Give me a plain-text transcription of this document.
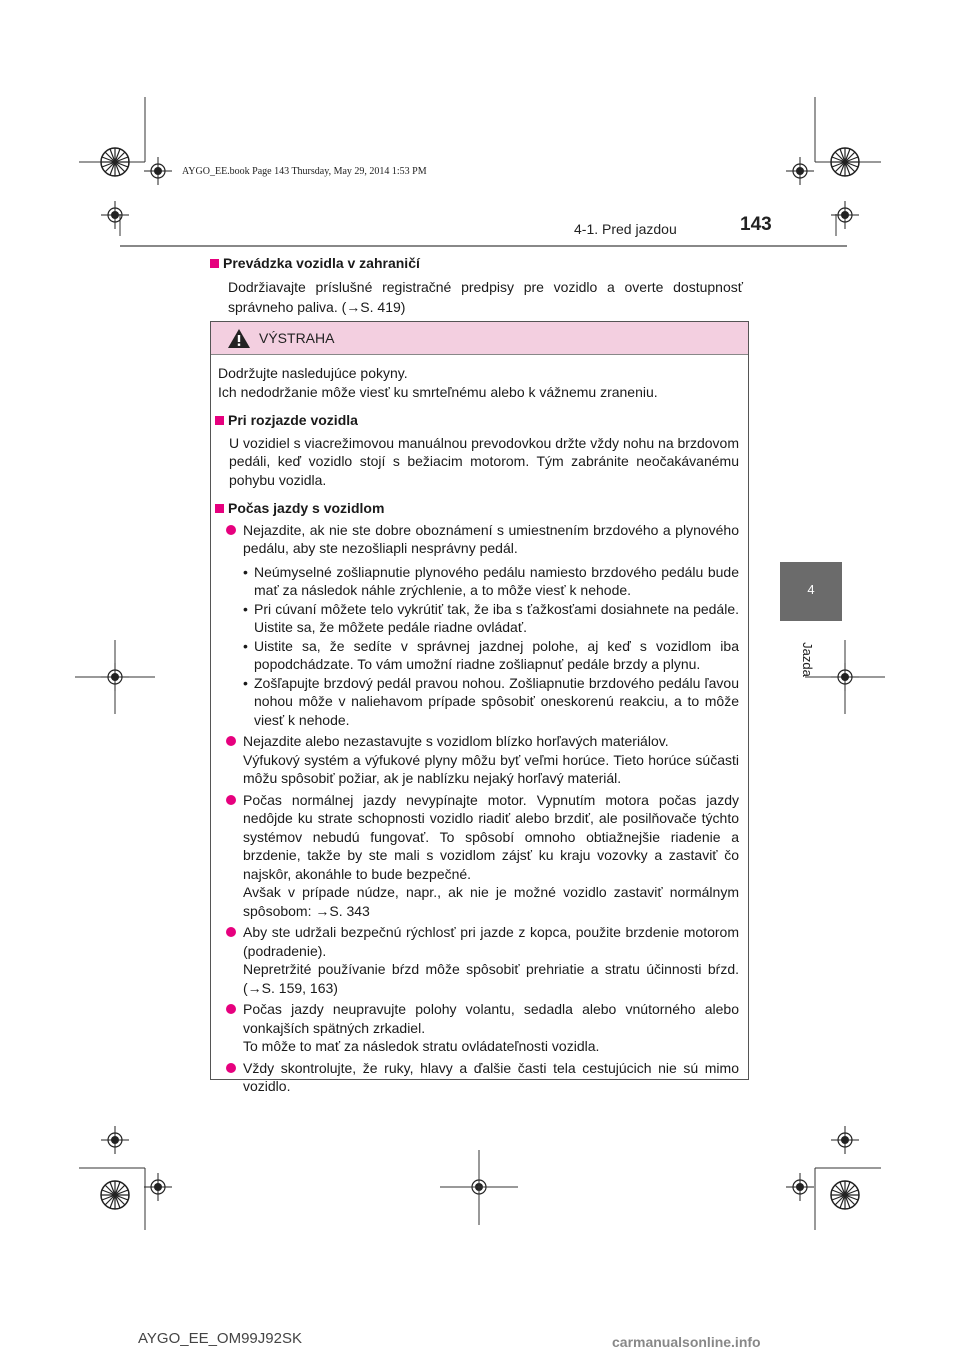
AYGO_EE.book Page 143 Thursday, May 29, 2014 1:53 PM
4-1. Pred jazdou	143
4
Jazda
Prevádzka vozidla v zahraničí
Dodržiavajte príslušné registračné predpisy pre vozidlo a overte dostupnosť správneho paliva. (→S. 419)
VÝSTRAHA

Dodržujte nasledujúce pokyny.

Ich nedodržanie môže viesť ku smrteľnému alebo k vážnemu zraneniu.

Pri rozjazde vozidla

U vozidiel s viacrežimovou manuálnou prevodovkou držte vždy nohu na brzdovom pedáli, keď vozidlo stojí s bežiacim motorom. Tým zabránite neočakávanému pohybu vozidla.

Počas jazdy s vozidlom

Nejazdite, ak nie ste dobre oboznámení s umiestnením brzdového a plynového pedálu, aby ste nezošliapli nesprávny pedál.

• Neúmyselné zošliapnutie plynového pedálu namiesto brzdového pedálu bude mať za následok náhle zrýchlenie, a to môže viesť k nehode.

• Pri cúvaní môžete telo vykrútiť tak, že iba s ťažkosťami dosiahnete na pedále. Uistite sa, že môžete pedále riadne ovládať.

• Uistite sa, že sedíte v správnej jazdnej polohe, aj keď s vozidlom iba popodchádzate. To vám umožní riadne zošliapnuť pedále brzdy a plynu.

• Zošľapujte brzdový pedál pravou nohou. Zošliapnutie brzdového pedálu ľavou nohou môže v naliehavom prípade spôsobiť oneskorenú reakciu, a to môže viesť k nehode.

Nejazdite alebo nezastavujte s vozidlom blízko horľavých materiálov.
Výfukový systém a výfukové plyny môžu byť veľmi horúce. Tieto horúce súčasti môžu spôsobiť požiar, ak je nablízku nejaký horľavý materiál.

Počas normálnej jazdy nevypínajte motor. Vypnutím motora počas jazdy nedôjde ku strate schopnosti vozidlo riadiť alebo brzdiť, ale posilňovače týchto systémov nebudú fungovať. To spôsobí omnoho obtiažnejšie riadenie a brzdenie, takže by ste mali s vozidlom zájsť ku kraju vozovky a zastaviť čo najskôr, akonáhle to bude bezpečné.
Avšak v prípade núdze, napr., ak nie je možné vozidlo zastaviť normálnym spôsobom: →S. 343

Aby ste udržali bezpečnú rýchlosť pri jazde z kopca, použite brzdenie motorom (podradenie).
Nepretržité používanie bŕzd môže spôsobiť prehriatie a stratu účinnosti bŕzd. (→S. 159, 163)

Počas jazdy neupravujte polohy volantu, sedadla alebo vnútorného alebo vonkajších spätných zrkadiel.
To môže to mať za následok stratu ovládateľnosti vozidla.

Vždy skontrolujte, že ruky, hlavy a ďalšie časti tela cestujúcich nie sú mimo vozidlo.

AYGO_EE_OM99J92SK	carmanualsonline.info
